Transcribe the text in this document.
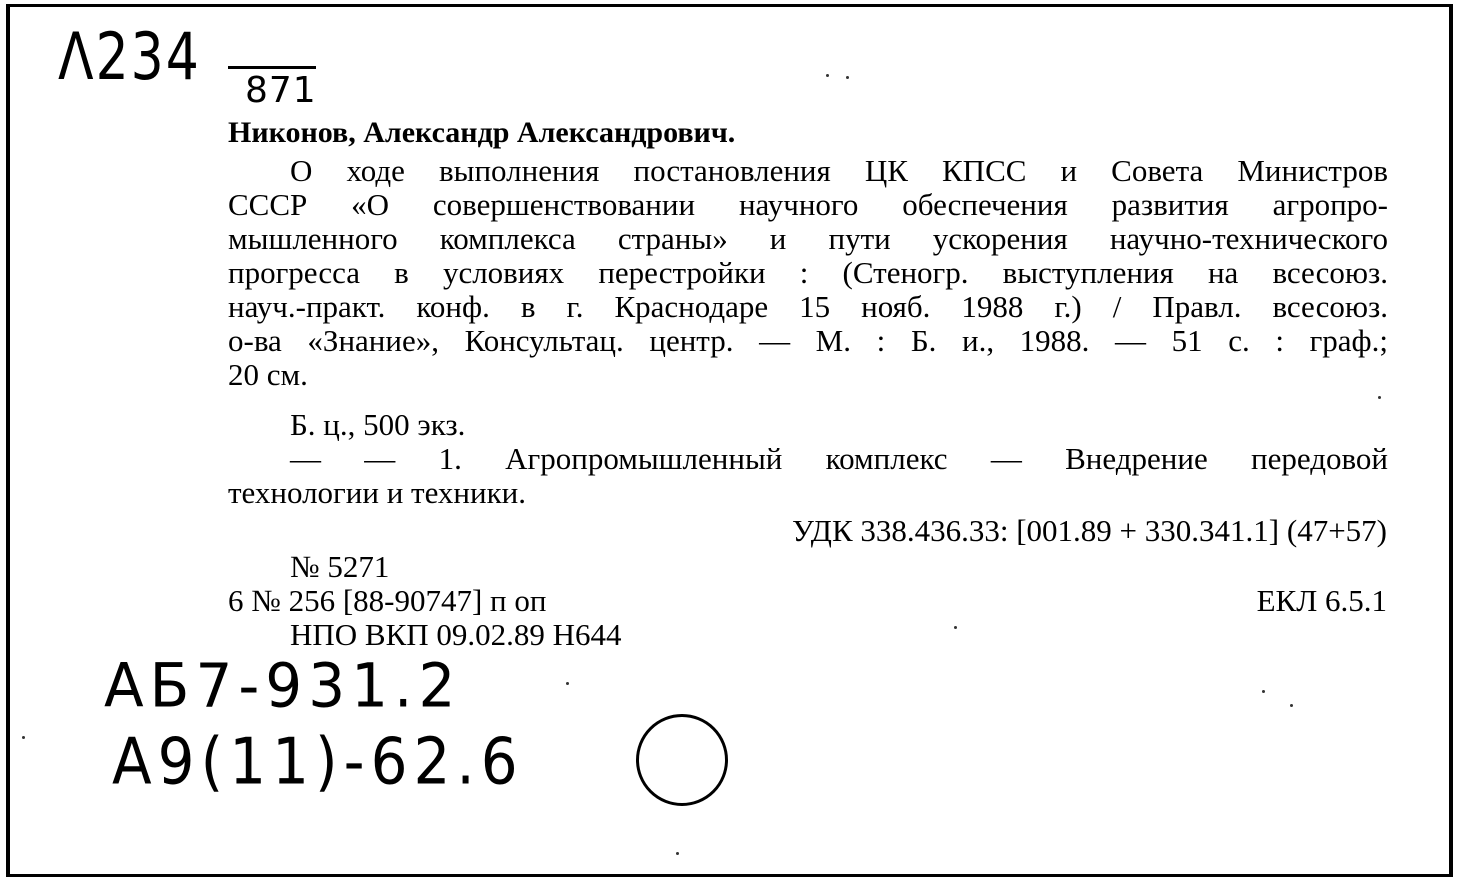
Λ234 871
Никонов, Александр Александрович.
О ходе выполнения постановления ЦК КПСС и Совета Министров
СССР «О совершенствовании научного обеспечения развития агропро-
мышленного комплекса страны» и пути ускорения научно-технического
прогресса в условиях перестройки : (Стеногр. выступления на всесоюз.
науч.-практ. конф. в г. Краснодаре 15 нояб. 1988 г.) / Правл. всесоюз.
о-ва «Знание», Консультац. центр. — М. : Б. и., 1988. — 51 с. : граф.;
20 см.
Б. ц., 500 экз.
— — 1. Агропромышленный комплекс — Внедрение передовой
технологии и техники.
УДК 338.436.33: [001.89 + 330.341.1] (47+57)
№ 5271
6 № 256 [88-90747] п оп	ЕКЛ 6.5.1
НПО ВКП 09.02.89 Н644
АБ7-931.2
А9(11)-62.6
